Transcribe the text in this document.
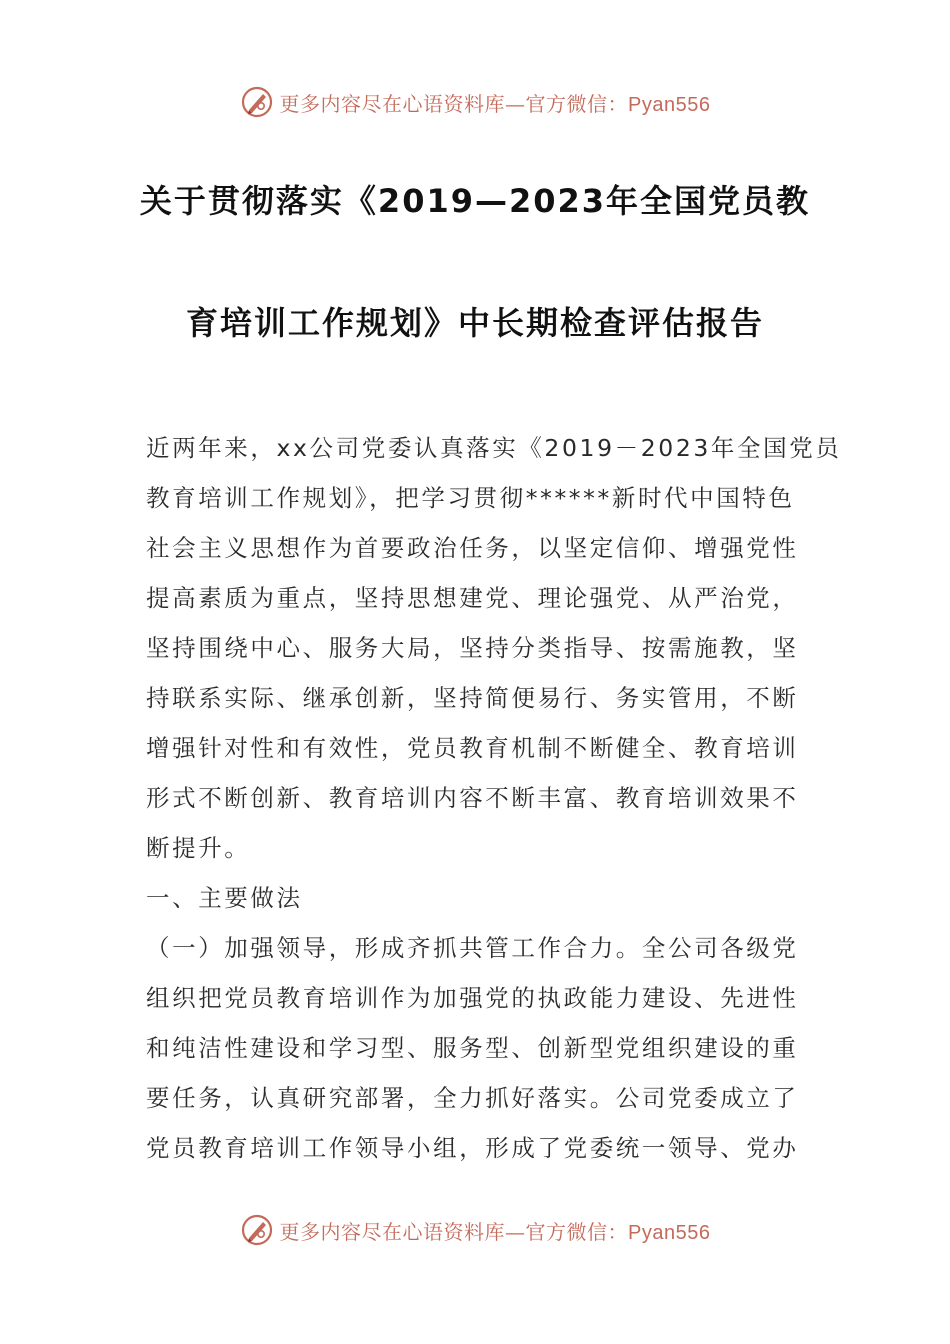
更多内容尽在心语资料库—官方微信：Pyan556
关于贯彻落实《2019—2023年全国党员教
育培训工作规划》中长期检查评估报告
近两年来，xx公司党委认真落实《2019－2023年全国党员
教育培训工作规划》，把学习贯彻******新时代中国特色
社会主义思想作为首要政治任务，以坚定信仰、增强党性
提高素质为重点，坚持思想建党、理论强党、从严治党，
坚持围绕中心、服务大局，坚持分类指导、按需施教，坚
持联系实际、继承创新，坚持简便易行、务实管用，不断
增强针对性和有效性，党员教育机制不断健全、教育培训
形式不断创新、教育培训内容不断丰富、教育培训效果不
断提升。
一、主要做法
（一）加强领导，形成齐抓共管工作合力。全公司各级党
组织把党员教育培训作为加强党的执政能力建设、先进性
和纯洁性建设和学习型、服务型、创新型党组织建设的重
要任务，认真研究部署，全力抓好落实。公司党委成立了
党员教育培训工作领导小组，形成了党委统一领导、党办
更多内容尽在心语资料库—官方微信：Pyan556
